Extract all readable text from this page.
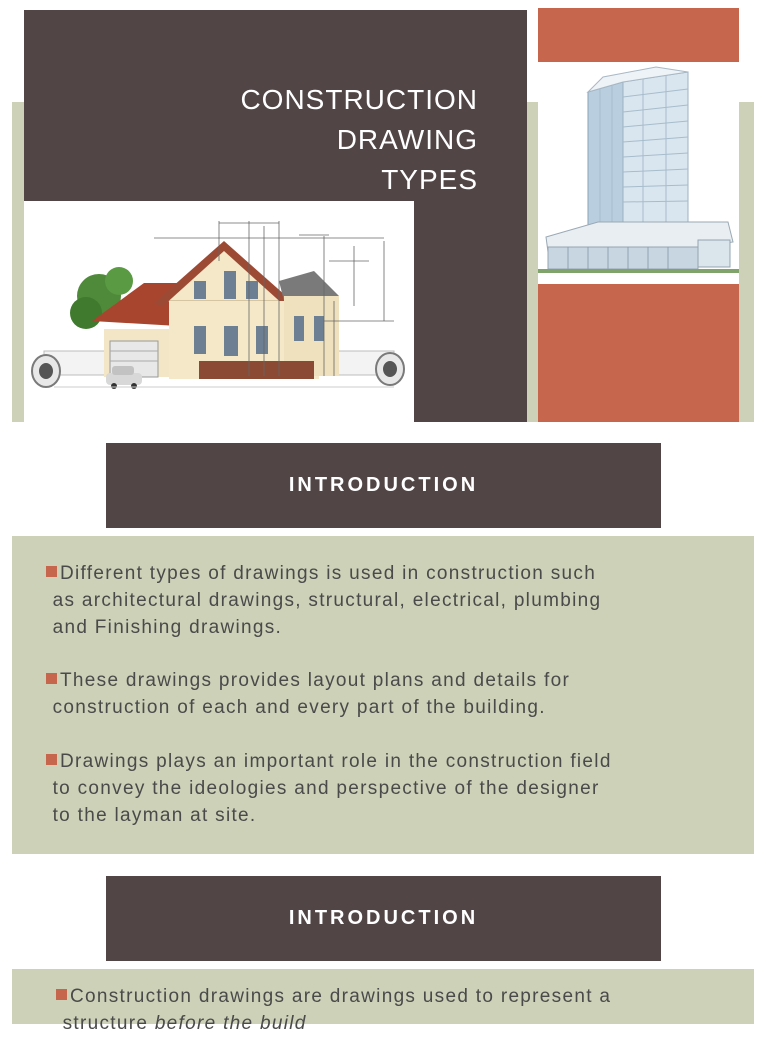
CONSTRUCTION
DRAWING
TYPES
INTRODUCTION
Different types of drawings is used in construction such
as architectural drawings, structural, electrical, plumbing
and Finishing drawings.
These drawings provides layout plans and details for
construction of each and every part of the building.
Drawings plays an important role in the construction field
to convey the ideologies and perspective of the designer
to the layman at site.
INTRODUCTION
Construction drawings are drawings used to represent a
structure before the build
